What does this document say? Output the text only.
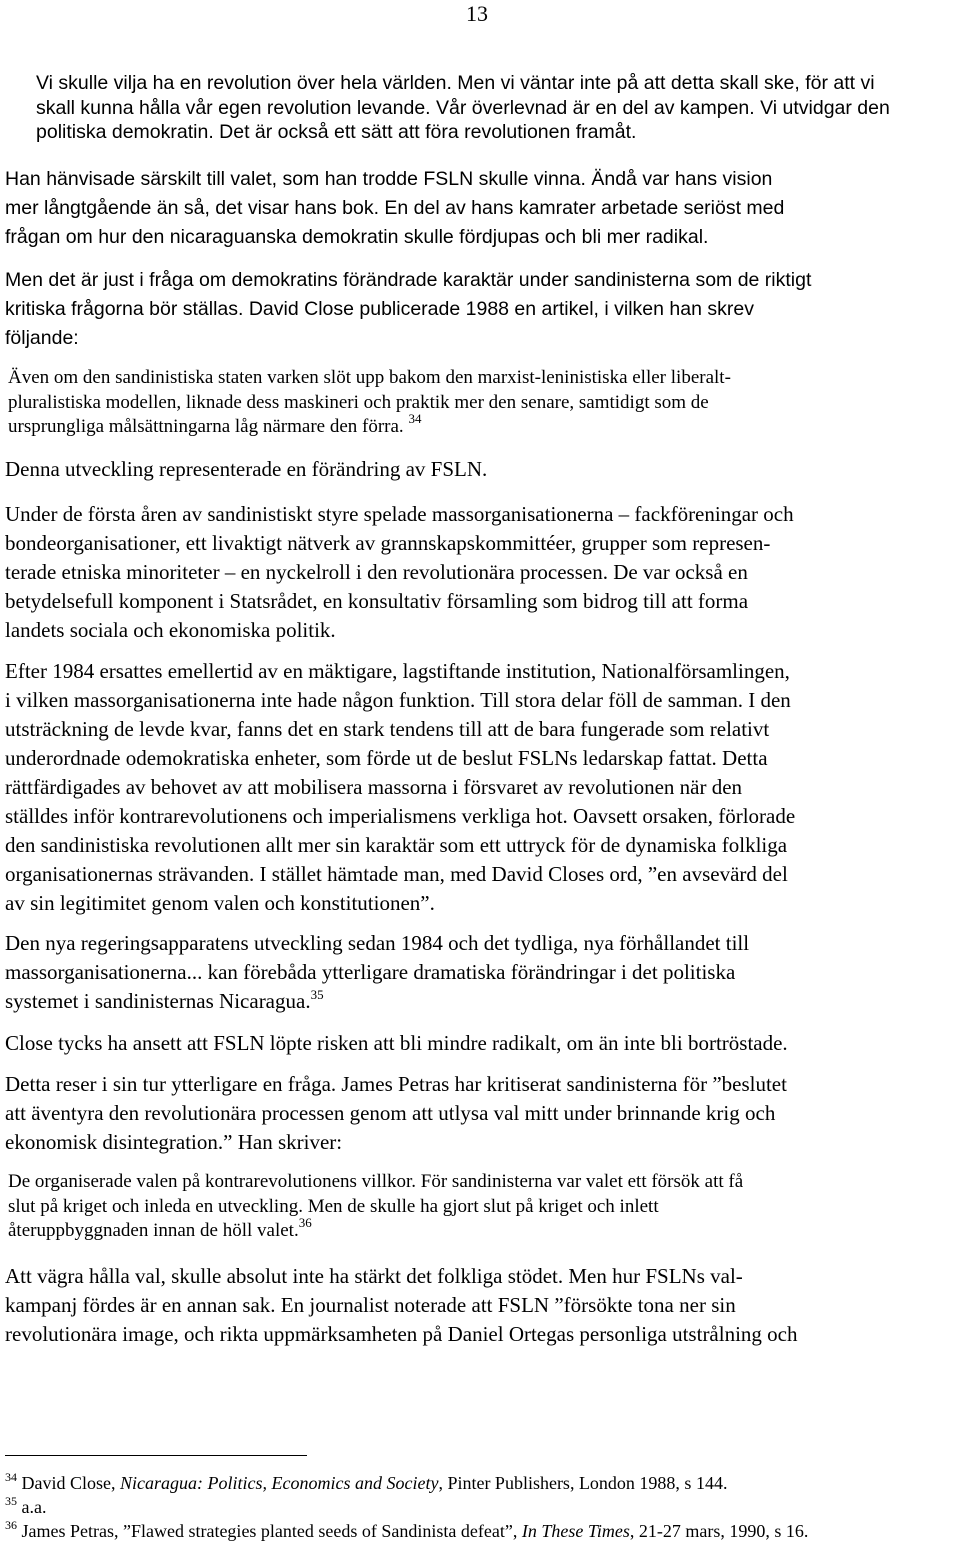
13
Vi skulle vilja ha en revolution över hela världen. Men vi väntar inte på att detta skall ske, för att vi
skall kunna hålla vår egen revolution levande. Vår överlevnad är en del av kampen. Vi utvidgar den
politiska demokratin. Det är också ett sätt att föra revolutionen framåt.
Han hänvisade särskilt till valet, som han trodde FSLN skulle vinna. Ändå var hans vision
mer långtgående än så, det visar hans bok. En del av hans kamrater arbetade seriöst med
frågan om hur den nicaraguanska demokratin skulle fördjupas och bli mer radikal.
Men det är just i fråga om demokratins förändrade karaktär under sandinisterna som de riktigt
kritiska frågorna bör ställas. David Close publicerade 1988 en artikel, i vilken han skrev
följande:
Även om den sandinistiska staten varken slöt upp bakom den marxist-leninistiska eller liberalt-
pluralistiska modellen, liknade dess maskineri och praktik mer den senare, samtidigt som de
ursprungliga målsättningarna låg närmare den förra. $^{34}$
Denna utveckling representerade en förändring av FSLN.
Under de första åren av sandinistiskt styre spelade massorganisationerna – fackföreningar och
bondeorganisationer, ett livaktigt nätverk av grannskapskommittéer, grupper som represen-
terade etniska minoriteter – en nyckelroll i den revolutionära processen. De var också en
betydelsefull komponent i Statsrådet, en konsultativ församling som bidrog till att forma
landets sociala och ekonomiska politik.
Efter 1984 ersattes emellertid av en mäktigare, lagstiftande institution, Nationalförsamlingen,
i vilken massorganisationerna inte hade någon funktion. Till stora delar föll de samman. I den
utsträckning de levde kvar, fanns det en stark tendens till att de bara fungerade som relativt
underordnade odemokratiska enheter, som förde ut de beslut FSLNs ledarskap fattat. Detta
rättfärdigades av behovet av att mobilisera massorna i försvaret av revolutionen när den
ställdes inför kontrarevolutionens och imperialismens verkliga hot. Oavsett orsaken, förlorade
den sandinistiska revolutionen allt mer sin karaktär som ett uttryck för de dynamiska folkliga
organisationernas strävanden. I stället hämtade man, med David Closes ord, ”en avsevärd del
av sin legitimitet genom valen och konstitutionen”.
Den nya regeringsapparatens utveckling sedan 1984 och det tydliga, nya förhållandet till
massorganisationerna... kan förebåda ytterligare dramatiska förändringar i det politiska
systemet i sandinisternas Nicaragua.$^{35}$
Close tycks ha ansett att FSLN löpte risken att bli mindre radikalt, om än inte bli bortröstade.
Detta reser i sin tur ytterligare en fråga. James Petras har kritiserat sandinisterna för ”beslutet
att äventyra den revolutionära processen genom att utlysa val mitt under brinnande krig och
ekonomisk disintegration.” Han skriver:
De organiserade valen på kontrarevolutionens villkor. För sandinisterna var valet ett försök att få
slut på kriget och inleda en utveckling. Men de skulle ha gjort slut på kriget och inlett
återuppbyggnaden innan de höll valet.$^{36}$
Att vägra hålla val, skulle absolut inte ha stärkt det folkliga stödet. Men hur FSLNs val-
kampanj fördes är en annan sak. En journalist noterade att FSLN ”försökte tona ner sin
revolutionära image, och rikta uppmärksamheten på Daniel Ortegas personliga utstrålning och
$^{34}$ David Close, Nicaragua: Politics, Economics and Society, Pinter Publishers, London 1988, s 144.
$^{35}$ a.a.
$^{36}$ James Petras, ”Flawed strategies planted seeds of Sandinista defeat”, In These Times, 21-27 mars, 1990, s 16.
